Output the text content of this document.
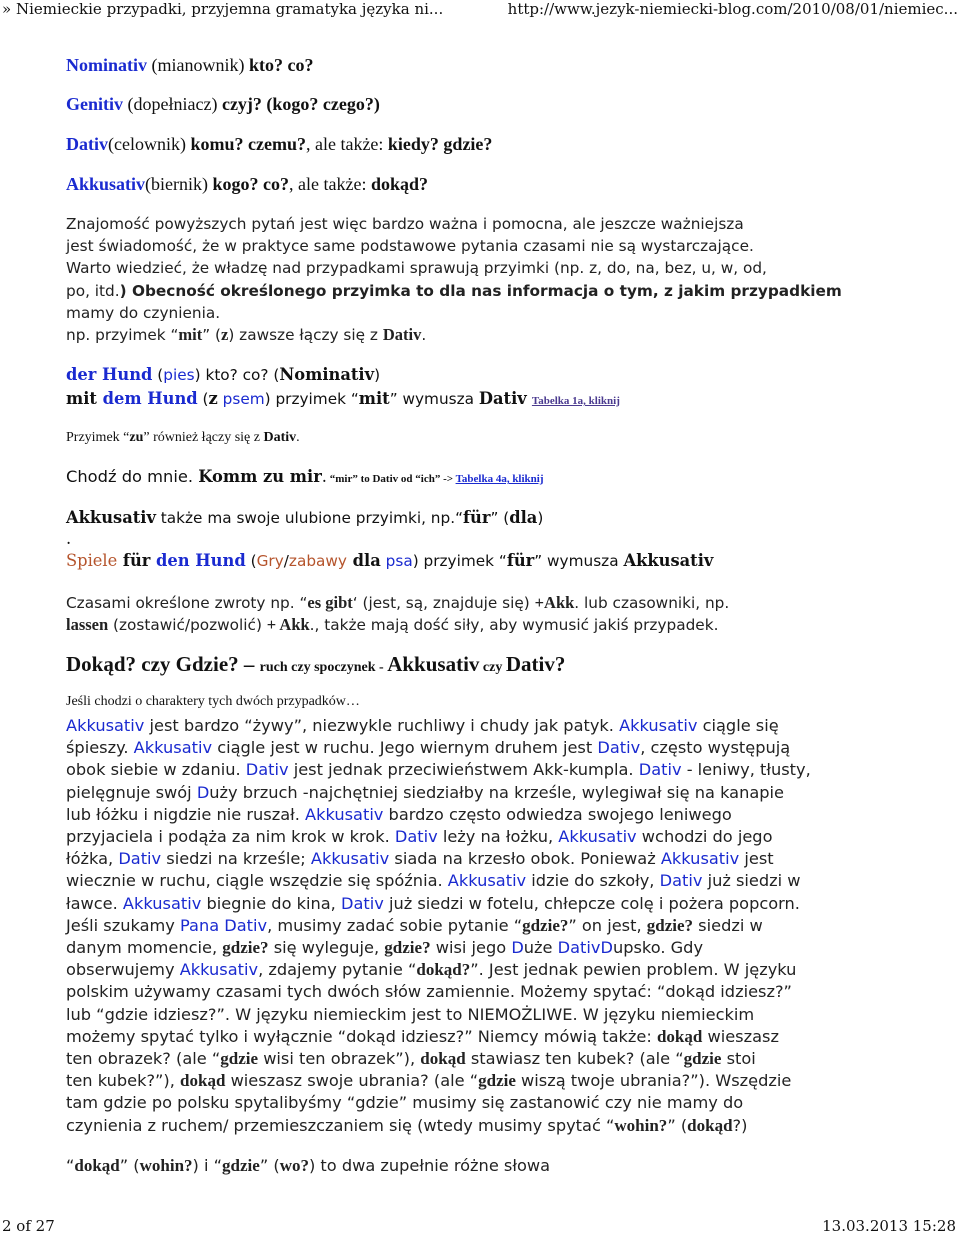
» Niemieckie przypadki, przyjemna gramatyka języka ni...	http://www.jezyk-niemiecki-blog.com/2010/08/01/niemiec...
Nominativ (mianownik) kto? co?
Genitiv (dopełniacz) czyj? (kogo? czego?)
Dativ(celownik) komu? czemu?, ale także: kiedy? gdzie?
Akkusativ(biernik) kogo? co?, ale także: dokąd?
Znajomość powyższych pytań jest więc bardzo ważna i pomocna, ale jeszcze ważniejsza
jest świadomość, że w praktyce same podstawowe pytania czasami nie są wystarczające.
Warto wiedzieć, że władzę nad przypadkami sprawują przyimki (np. z, do, na, bez, u, w, od,
po, itd.) Obecność określonego przyimka to dla nas informacja o tym, z jakim przypadkiem
mamy do czynienia.
np. przyimek “mit” (z) zawsze łączy się z Dativ.
der Hund (pies) kto? co? (Nominativ)
mit dem Hund (z psem) przyimek “mit” wymusza Dativ Tabelka 1a, kliknij
Przyimek “zu” również łączy się z Dativ.
Chodź do mnie. Komm zu mir. “mir” to Dativ od “ich” -> Tabelka 4a, kliknij
Akkusativ także ma swoje ulubione przyimki, np.“für” (dla)
.
Spiele für den Hund (Gry/zabawy dla psa) przyimek “für” wymusza Akkusativ
Czasami określone zwroty np. “es gibt‘ (jest, są, znajduje się) +Akk. lub czasowniki, np.
lassen (zostawić/pozwolić) + Akk., także mają dość siły, aby wymusić jakiś przypadek.
Dokąd? czy Gdzie? – ruch czy spoczynek - Akkusativ czy Dativ?
Jeśli chodzi o charaktery tych dwóch przypadków…
Akkusativ jest bardzo “żywy”, niezwykle ruchliwy i chudy jak patyk. Akkusativ ciągle się
śpieszy. Akkusativ ciągle jest w ruchu. Jego wiernym druhem jest Dativ, często występują
obok siebie w zdaniu. Dativ jest jednak przeciwieństwem Akk-kumpla. Dativ - leniwy, tłusty,
pielęgnuje swój Duży brzuch -najchętniej siedziałby na krześle, wylegiwał się na kanapie
lub łóżku i nigdzie nie ruszał. Akkusativ bardzo często odwiedza swojego leniwego
przyjaciela i podąża za nim krok w krok. Dativ leży na łożku, Akkusativ wchodzi do jego
łóżka, Dativ siedzi na krześle; Akkusativ siada na krzesło obok. Ponieważ Akkusativ jest
wiecznie w ruchu, ciągle wszędzie się spóźnia. Akkusativ idzie do szkoły, Dativ już siedzi w
ławce. Akkusativ biegnie do kina, Dativ już siedzi w fotelu, chłepcze colę i pożera popcorn.
Jeśli szukamy Pana Dativ, musimy zadać sobie pytanie “gdzie?” on jest, gdzie? siedzi w
danym momencie, gdzie? się wyleguje, gdzie? wisi jego Duże DativDupsko. Gdy
obserwujemy Akkusativ, zdajemy pytanie “dokąd?”. Jest jednak pewien problem. W języku
polskim używamy czasami tych dwóch słów zamiennie. Możemy spytać: “dokąd idziesz?”
lub “gdzie idziesz?”. W języku niemieckim jest to NIEMOŻLIWE. W języku niemieckim
możemy spytać tylko i wyłącznie “dokąd idziesz?” Niemcy mówią także: dokąd wieszasz
ten obrazek? (ale “gdzie wisi ten obrazek”), dokąd stawiasz ten kubek? (ale “gdzie stoi
ten kubek?”), dokąd wieszasz swoje ubrania? (ale “gdzie wiszą twoje ubrania?”). Wszędzie
tam gdzie po polsku spytalibyśmy “gdzie” musimy się zastanowić czy nie mamy do
czynienia z ruchem/ przemieszczaniem się (wtedy musimy spytać “wohin?” (dokąd?)
“dokąd” (wohin?) i “gdzie” (wo?) to dwa zupełnie różne słowa
2 of 27	13.03.2013 15:28
